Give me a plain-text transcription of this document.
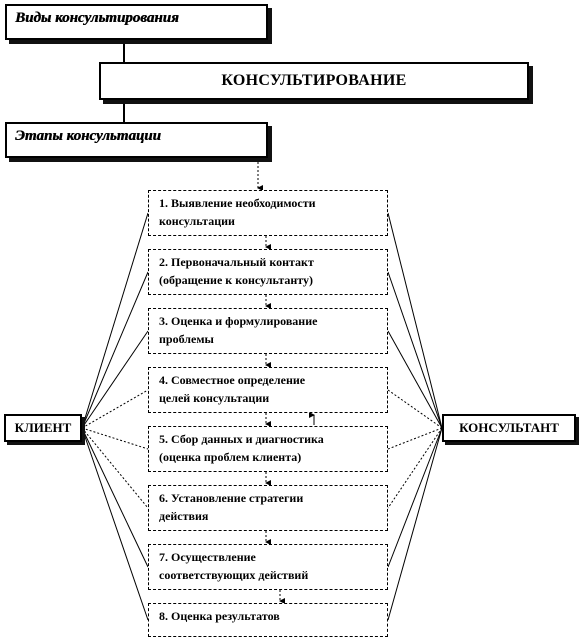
Виды консультирования
КОНСУЛЬТИРОВАНИЕ
Этапы консультации
1. Выявление необходимости
консультации
2. Первоначальный контакт
(обращение к консультанту)
3. Оценка и формулирование
проблемы
4. Совместное определение
целей консультации
5. Сбор данных и диагностика
(оценка проблем клиента)
6. Установление стратегии
действия
7. Осуществление
соответствующих действий
8. Оценка результатов
КЛИЕНТ	КОНСУЛЬТАНТ
